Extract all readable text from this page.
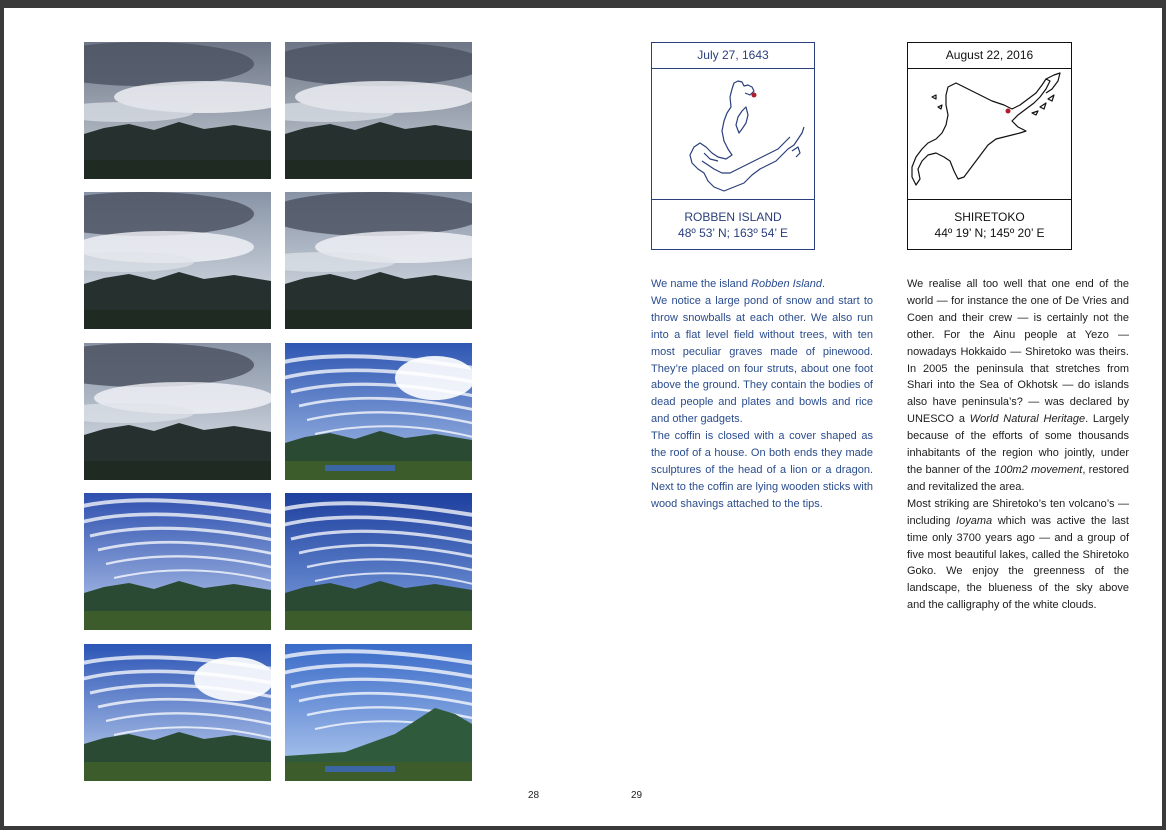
July 27, 1643
ROBBEN ISLAND
48º 53’ N; 163º 54’ E
August 22, 2016
SHIRETOKO
44º 19’ N; 145º 20’ E

We name the island Robben Island.

We notice a large pond of snow and start to throw snowballs at each other. We also run into a flat level field without trees, with ten most peculiar graves made of pinewood. They’re placed on four struts, about one foot above the ground. They contain the bodies of dead people and plates and bowls and rice and other gadgets.

The coffin is closed with a cover shaped as the roof of a house. On both ends they made sculptures of the head of a lion or a dragon. Next to the coffin are lying wooden sticks with wood shavings attached to the tips.

We realise all too well that one end of the world — for instance the one of De Vries and Coen and their crew — is certainly not the other. For the Ainu people at Yezo — nowadays Hokkaido — Shiretoko was theirs. In 2005 the peninsula that stretches from Shari into the Sea of Okhotsk — do islands also have peninsula’s? — was declared by UNESCO a World Natural Heritage. Largely because of the efforts of some thousands inhabitants of the region who jointly, under the banner of the 100m2 movement, restored and revitalized the area.

Most striking are Shiretoko’s ten volcano’s — including Ioyama which was active the last time only 3700 years ago — and a group of five most beautiful lakes, called the Shiretoko Goko. We enjoy the greenness of the landscape, the blueness of the sky above and the calligraphy of the white clouds.

28	29
